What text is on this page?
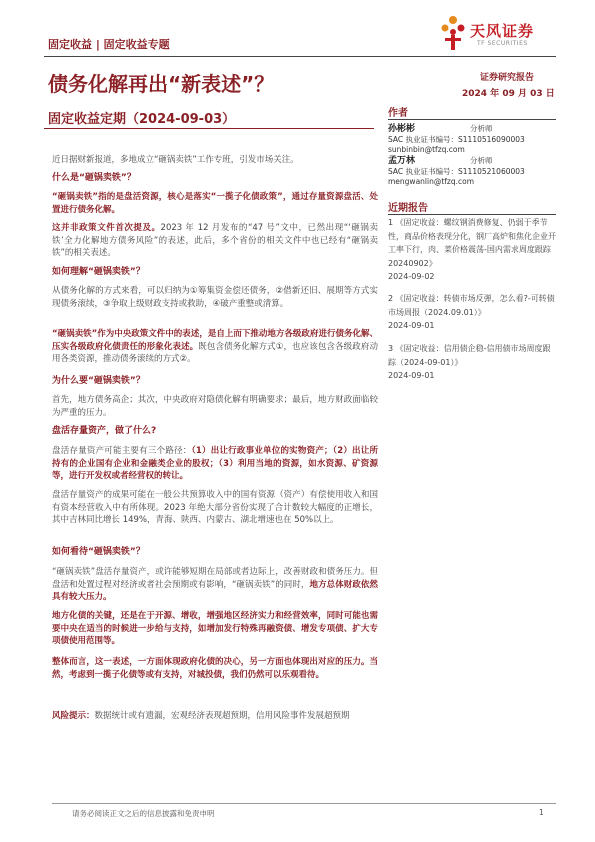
固定收益 | 固定收益专题
天风证券
TF SECURITIES
债务化解再出“新表述”？	证券研究报告
2024 年 09 月 03 日
固定收益定期（2024-09-03）	作者
孙彬彬	分析师
SAC 执业证书编号：S1110516090003
sunbinbin@tfzq.com
孟万林	分析师
SAC 执业证书编号：S1110521060003
mengwanlin@tfzq.com
近期报告
1 《固定收益：螺纹钢消费修复、仍弱于季节性，商品价格表现分化，钢厂高炉和焦化企业开工率下行，肉、菜价格震荡-国内需求周度跟踪 20240902》
2024-09-02
2 《固定收益：转债市场反弹，怎么看?-可转债市场周报（2024.09.01）》
2024-09-01
3 《固定收益：信用债企稳-信用债市场周度跟踪（2024-09-01）》
2024-09-01
近日据财新报道，多地成立“砸锅卖铁”工作专班，引发市场关注。
什么是“砸锅卖铁”？
“砸锅卖铁”指的是盘活资源，核心是落实“一揽子化债政策”，通过存量资源盘活、处置进行债务化解。
这并非政策文件首次提及。2023 年 12 月发布的“47 号”文中，已然出现“‘砸锅卖铁’全力化解地方债务风险”的表述，此后，多个省份的相关文件中也已经有“砸锅卖铁”的相关表述。
如何理解“砸锅卖铁”？
从债务化解的方式来看，可以归纳为①筹集资金偿还债务，②借新还旧、展期等方式实现债务滚续，③争取上级财政支持或救助，④破产重整或清算。
“砸锅卖铁”作为中央政策文件中的表述，是自上而下推动地方各级政府进行债务化解、压实各级政府化债责任的形象化表述。既包含债务化解方式①，也应该包含各级政府动用各类资源，推动债务滚续的方式②。
为什么要“砸锅卖铁”？
首先，地方债务高企；其次，中央政府对隐债化解有明确要求；最后，地方财政面临较为严重的压力。
盘活存量资产，做了什么?
盘活存量资产可能主要有三个路径：（1）出让行政事业单位的实物资产；（2）出让所持有的企业国有企业和金融类企业的股权；（3）利用当地的资源，如水资源、矿资源等，进行开发权或者经营权的转让。
盘活存量资产的成果可能在一般公共预算收入中的国有资源（资产）有偿使用收入和国有资本经营收入中有所体现。2023 年绝大部分省份实现了合计数较大幅度的正增长，其中吉林同比增长 149%，青海、陕西、内蒙古、湖北增速也在 50%以上。
如何看待“砸锅卖铁”？
“砸锅卖铁”盘活存量资产，或许能够短期在局部或者边际上，改善财政和债务压力。但盘活和处置过程对经济或者社会预期或有影响，“砸锅卖铁”的同时，地方总体财政依然具有较大压力。
地方化债的关键，还是在于开源、增收，增强地区经济实力和经营效率，同时可能也需要中央在适当的时候进一步给与支持，如增加发行特殊再融资债、增发专项债、扩大专项债使用范围等。
整体而言，这一表述，一方面体现政府化债的决心，另一方面也体现出对应的压力。当然，考虑到一揽子化债等或有支持，对城投债，我们仍然可以乐观看待。
风险提示：数据统计或有遗漏，宏观经济表现超预期，信用风险事件发展超预期
请务必阅读正文之后的信息披露和免责申明	1
